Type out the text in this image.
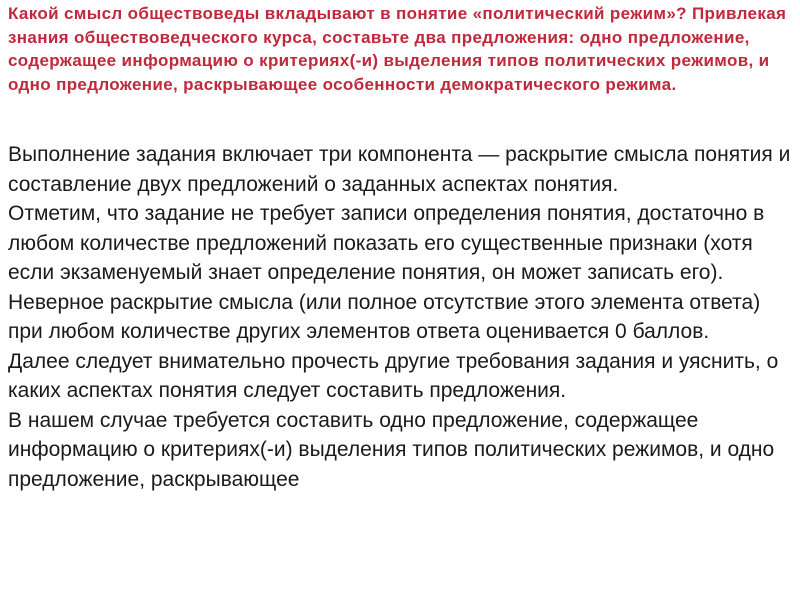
Какой смысл обществоведы вкладывают в понятие «политический режим»? Привлекая знания обществоведческого курса, составьте два предложения: одно предложение, содержащее информацию о критериях(-и) выделения типов политических режимов, и одно предложение, раскрывающее особенности демократического режима.

Выполнение задания включает три компонента — раскрытие смысла понятия и составление двух предложений о заданных аспектах понятия.

Отметим, что задание не требует записи определения понятия, достаточно в любом количестве предложений показать его существенные признаки (хотя если экзаменуемый знает определение понятия, он может записать его). Неверное раскрытие смысла (или полное отсутствие этого элемента ответа) при любом количестве других элементов ответа оценивается 0 баллов.

Далее следует внимательно прочесть другие требования задания и уяснить, о каких аспектах понятия следует составить предложения.

В нашем случае требуется составить одно предложение, содержащее информацию о критериях(-и) выделения типов политических режимов, и одно предложение, раскрывающее
